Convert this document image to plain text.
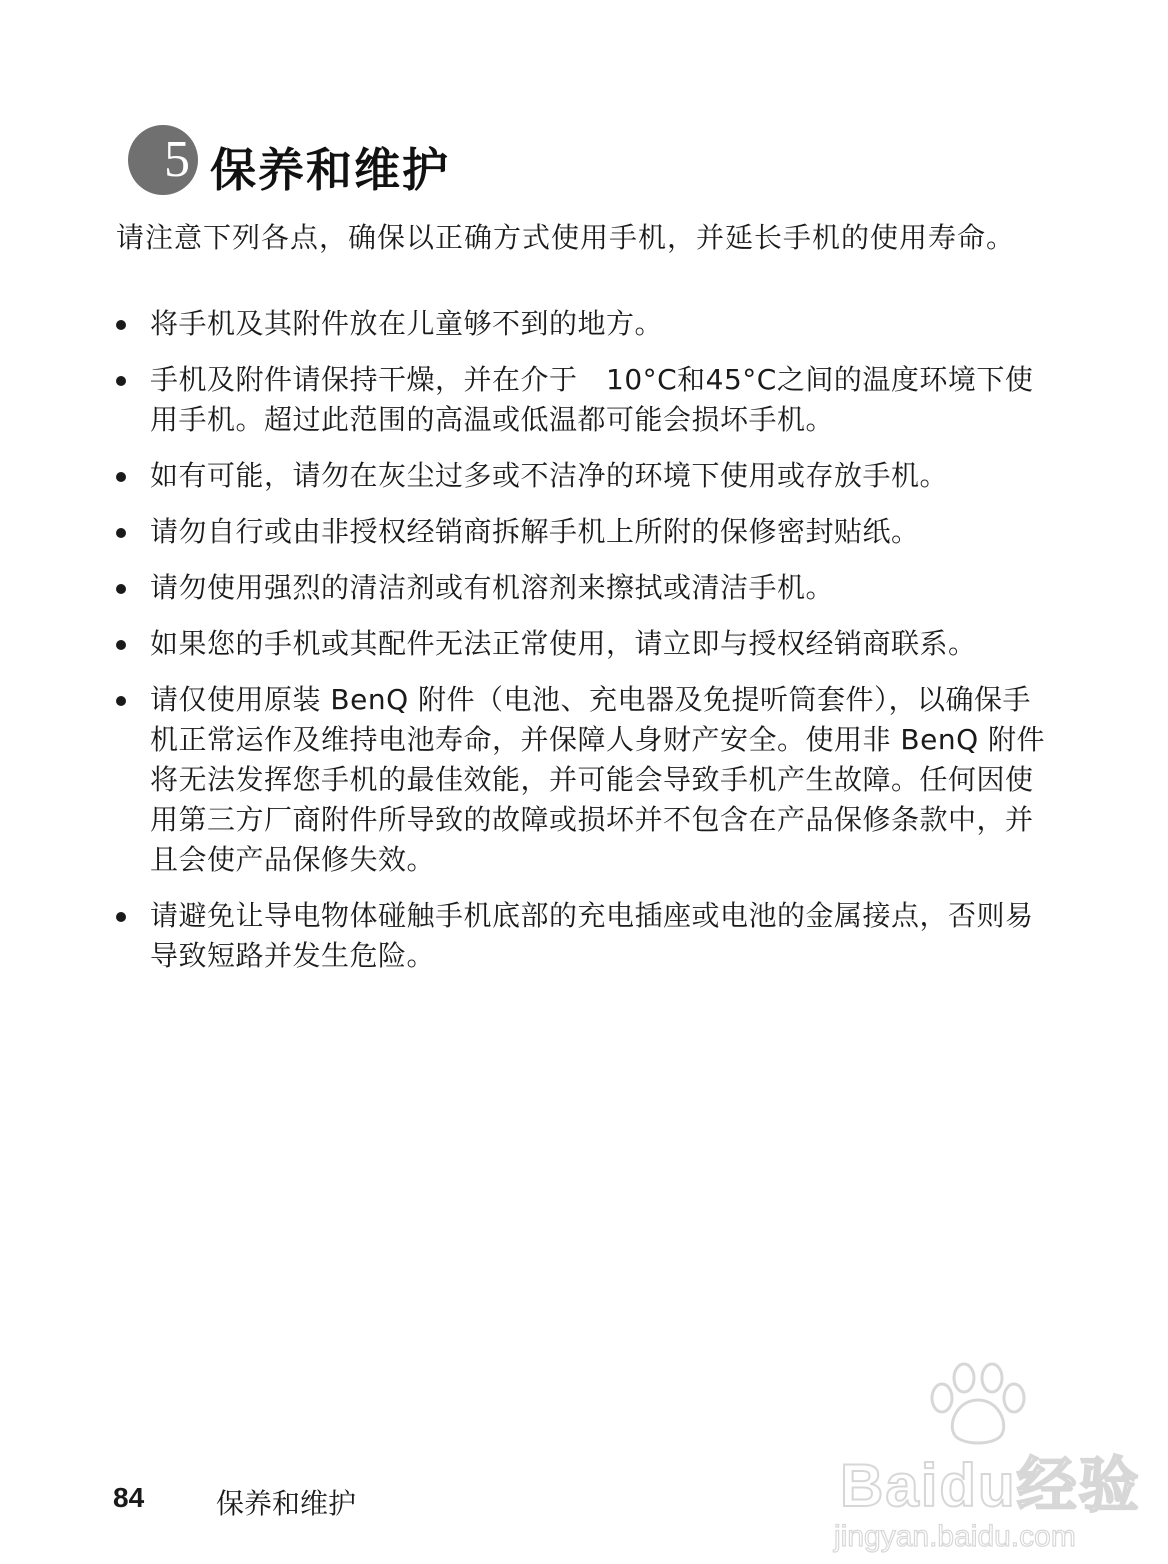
5 保养和维护

请注意下列各点，确保以正确方式使用手机，并延长手机的使用寿命。

将手机及其附件放在儿童够不到的地方。
手机及附件请保持干燥，并在介于　10°C和45°C之间的温度环境下使用手机。超过此范围的高温或低温都可能会损坏手机。
如有可能，请勿在灰尘过多或不洁净的环境下使用或存放手机。
请勿自行或由非授权经销商拆解手机上所附的保修密封贴纸。
请勿使用强烈的清洁剂或有机溶剂来擦拭或清洁手机。
如果您的手机或其配件无法正常使用，请立即与授权经销商联系。
请仅使用原装 BenQ 附件（电池、充电器及免提听筒套件），以确保手机正常运作及维持电池寿命，并保障人身财产安全。使用非 BenQ 附件将无法发挥您手机的最佳效能，并可能会导致手机产生故障。任何因使用第三方厂商附件所导致的故障或损坏并不包含在产品保修条款中，并且会使产品保修失效。
请避免让导电物体碰触手机底部的充电插座或电池的金属接点，否则易导致短路并发生危险。

84	保养和维护	Baidu经验
jingyan.baidu.com
